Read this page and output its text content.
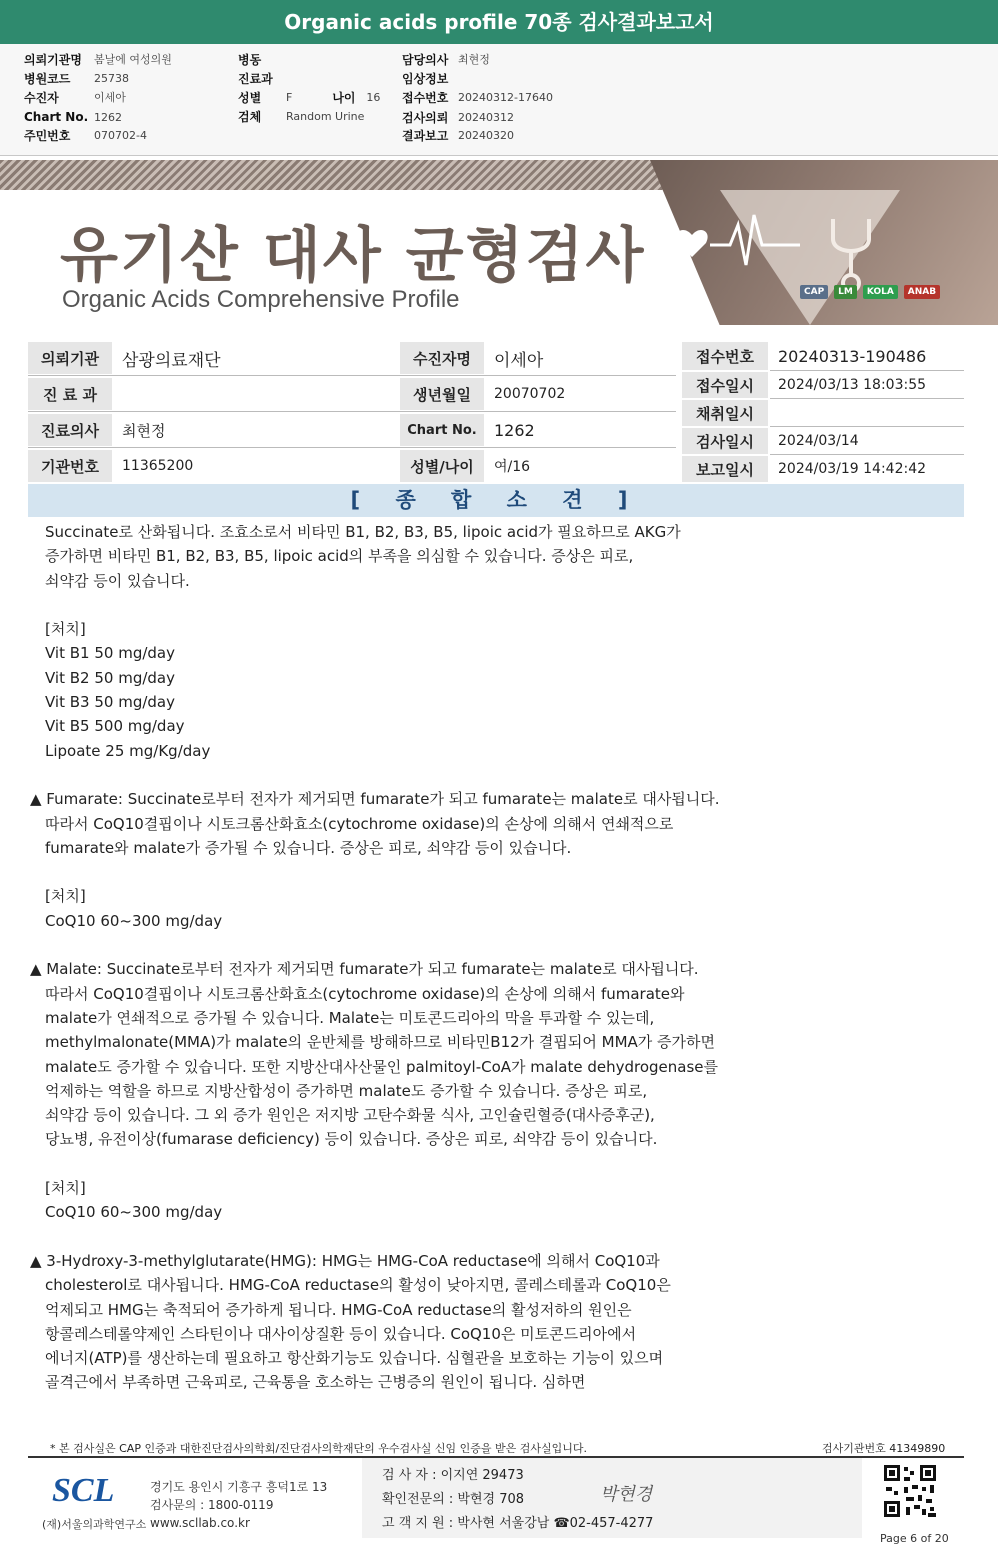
Organic acids profile 70종 검사결과보고서
의뢰기관명	봄날에 여성의원
병원코드	25738
수진자	이세아
Chart No. 1262
주민번호	070702-4
병동
진료과
성별	F	나이 16
검체	Random Urine
담당의사 최현정
임상정보
접수번호 20240312-17640
검사의뢰 20240312
결과보고 20240320
CAP	LM	KOLA	ANAB
유기산 대사 균형검사
Organic Acids Comprehensive Profile
의뢰기관	삼광의료재단
진 료 과
진료의사	최현정
기관번호	11365200
수진자명	이세아
생년월일	20070702
Chart No.	1262
성별/나이	여/16
접수번호	20240313-190486
접수일시	2024/03/13 18:03:55
채취일시
검사일시	2024/03/14
보고일시	2024/03/19 14:42:42
[ 종 합 소 견 ]
Succinate로 산화됩니다. 조효소로서 비타민 B1, B2, B3, B5, lipoic acid가 필요하므로 AKG가
증가하면 비타민 B1, B2, B3, B5, lipoic acid의 부족을 의심할 수 있습니다. 증상은 피로,
쇠약감 등이 있습니다.
[처치]
Vit B1 50 mg/day
Vit B2 50 mg/day
Vit B3 50 mg/day
Vit B5 500 mg/day
Lipoate 25 mg/Kg/day
▲ Fumarate: Succinate로부터 전자가 제거되면 fumarate가 되고 fumarate는 malate로 대사됩니다.
따라서 CoQ10결핍이나 시토크롬산화효소(cytochrome oxidase)의 손상에 의해서 연쇄적으로
fumarate와 malate가 증가될 수 있습니다. 증상은 피로, 쇠약감 등이 있습니다.
[처치]
CoQ10 60~300 mg/day
▲ Malate: Succinate로부터 전자가 제거되면 fumarate가 되고 fumarate는 malate로 대사됩니다.
따라서 CoQ10결핍이나 시토크롬산화효소(cytochrome oxidase)의 손상에 의해서 fumarate와
malate가 연쇄적으로 증가될 수 있습니다. Malate는 미토콘드리아의 막을 투과할 수 있는데,
methylmalonate(MMA)가 malate의 운반체를 방해하므로 비타민B12가 결핍되어 MMA가 증가하면
malate도 증가할 수 있습니다. 또한 지방산대사산물인 palmitoyl-CoA가 malate dehydrogenase를
억제하는 역할을 하므로 지방산합성이 증가하면 malate도 증가할 수 있습니다. 증상은 피로,
쇠약감 등이 있습니다. 그 외 증가 원인은 저지방 고탄수화물 식사, 고인슐린혈증(대사증후군),
당뇨병, 유전이상(fumarase deficiency) 등이 있습니다. 증상은 피로, 쇠약감 등이 있습니다.
[처치]
CoQ10 60~300 mg/day
▲ 3-Hydroxy-3-methylglutarate(HMG): HMG는 HMG-CoA reductase에 의해서 CoQ10과
cholesterol로 대사됩니다. HMG-CoA reductase의 활성이 낮아지면, 콜레스테롤과 CoQ10은
억제되고 HMG는 축적되어 증가하게 됩니다. HMG-CoA reductase의 활성저하의 원인은
항콜레스테롤약제인 스타틴이나 대사이상질환 등이 있습니다. CoQ10은 미토콘드리아에서
에너지(ATP)를 생산하는데 필요하고 항산화기능도 있습니다. 심혈관을 보호하는 기능이 있으며
골격근에서 부족하면 근육피로, 근육통을 호소하는 근병증의 원인이 됩니다. 심하면
* 본 검사실은 CAP 인증과 대한진단검사의학회/진단검사의학재단의 우수검사실 신임 인증을 받은 검사실입니다.	검사기관번호 41349890
SCL
(재)서울의과학연구소
경기도 용인시 기흥구 흥덕1로 13
검사문의 : 1800-0119
www.scllab.co.kr
검 사 자 : 이지연 29473
확인전문의 : 박현경 708
고 객 지 원 : 박사현 서울강남 ☎02-457-4277
박현경
Page 6 of 20
